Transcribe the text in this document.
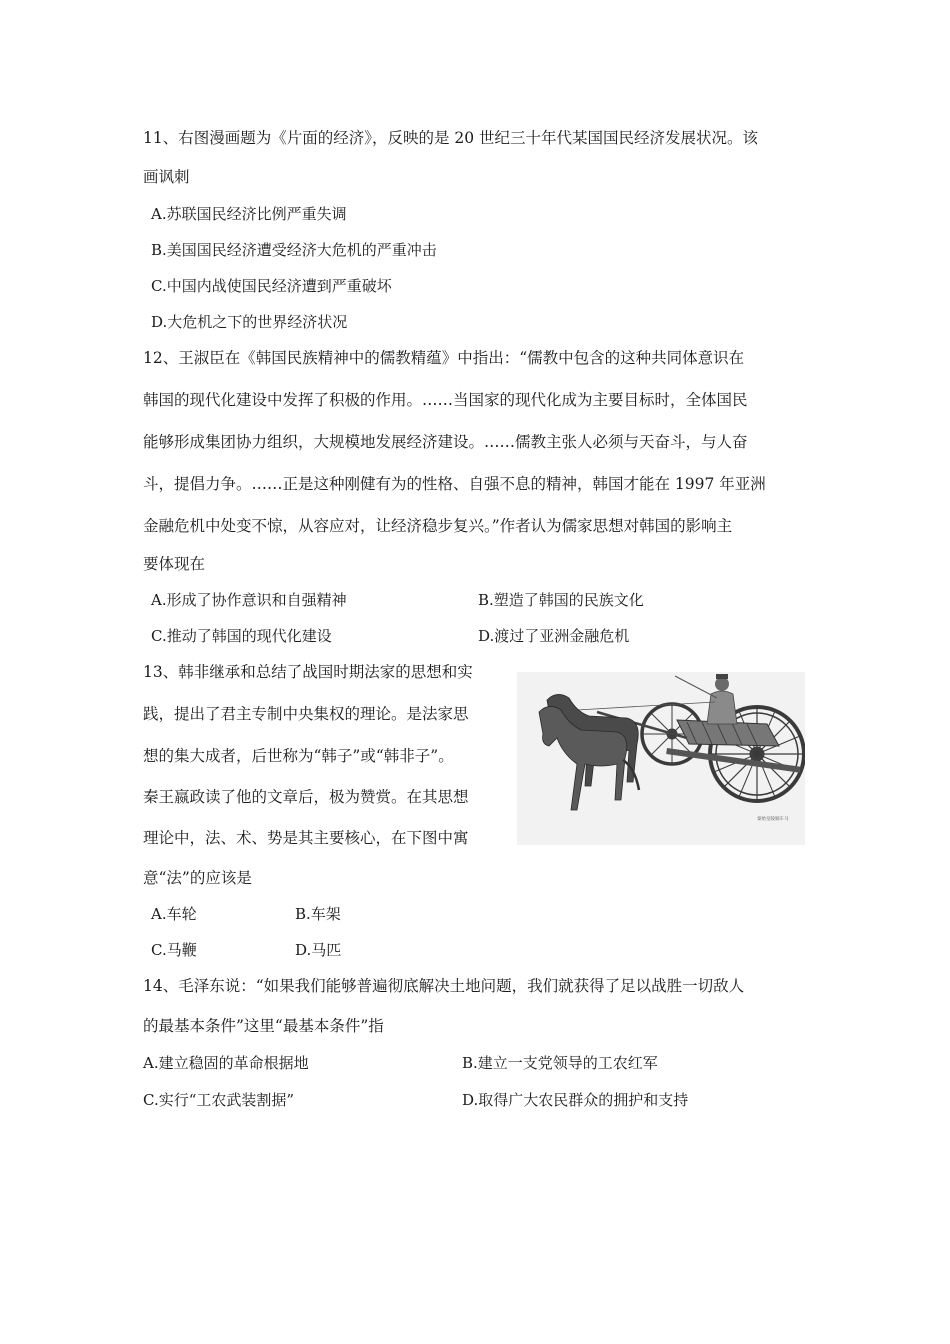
11、右图漫画题为《片面的经济》，反映的是 20 世纪三十年代某国国民经济发展状况。该
画讽刺
A.苏联国民经济比例严重失调
B.美国国民经济遭受经济大危机的严重冲击
C.中国内战使国民经济遭到严重破坏
D.大危机之下的世界经济状况
12、王淑臣在《韩国民族精神中的儒教精蕴》中指出：“儒教中包含的这种共同体意识在
韩国的现代化建设中发挥了积极的作用。……当国家的现代化成为主要目标时，全体国民
能够形成集团协力组织，大规模地发展经济建设。……儒教主张人必须与天奋斗，与人奋
斗，提倡力争。……正是这种刚健有为的性格、自强不息的精神，韩国才能在 1997 年亚洲
金融危机中处变不惊，从容应对，让经济稳步复兴。”作者认为儒家思想对韩国的影响主
要体现在
A.形成了协作意识和自强精神	B.塑造了韩国的民族文化
C.推动了韩国的现代化建设	D.渡过了亚洲金融危机
13、韩非继承和总结了战国时期法家的思想和实
践，提出了君主专制中央集权的理论。是法家思
想的集大成者，后世称为“韩子”或“韩非子”。
秦王嬴政读了他的文章后，极为赞赏。在其思想
理论中，法、术、势是其主要核心，在下图中寓
意“法”的应该是
秦始皇陵铜车马
A.车轮	B.车架
C.马鞭	D.马匹
14、毛泽东说：“如果我们能够普遍彻底解决土地问题，我们就获得了足以战胜一切敌人
的最基本条件”这里“最基本条件”指
A.建立稳固的革命根据地	B.建立一支党领导的工农红军
C.实行“工农武装割据”	D.取得广大农民群众的拥护和支持
